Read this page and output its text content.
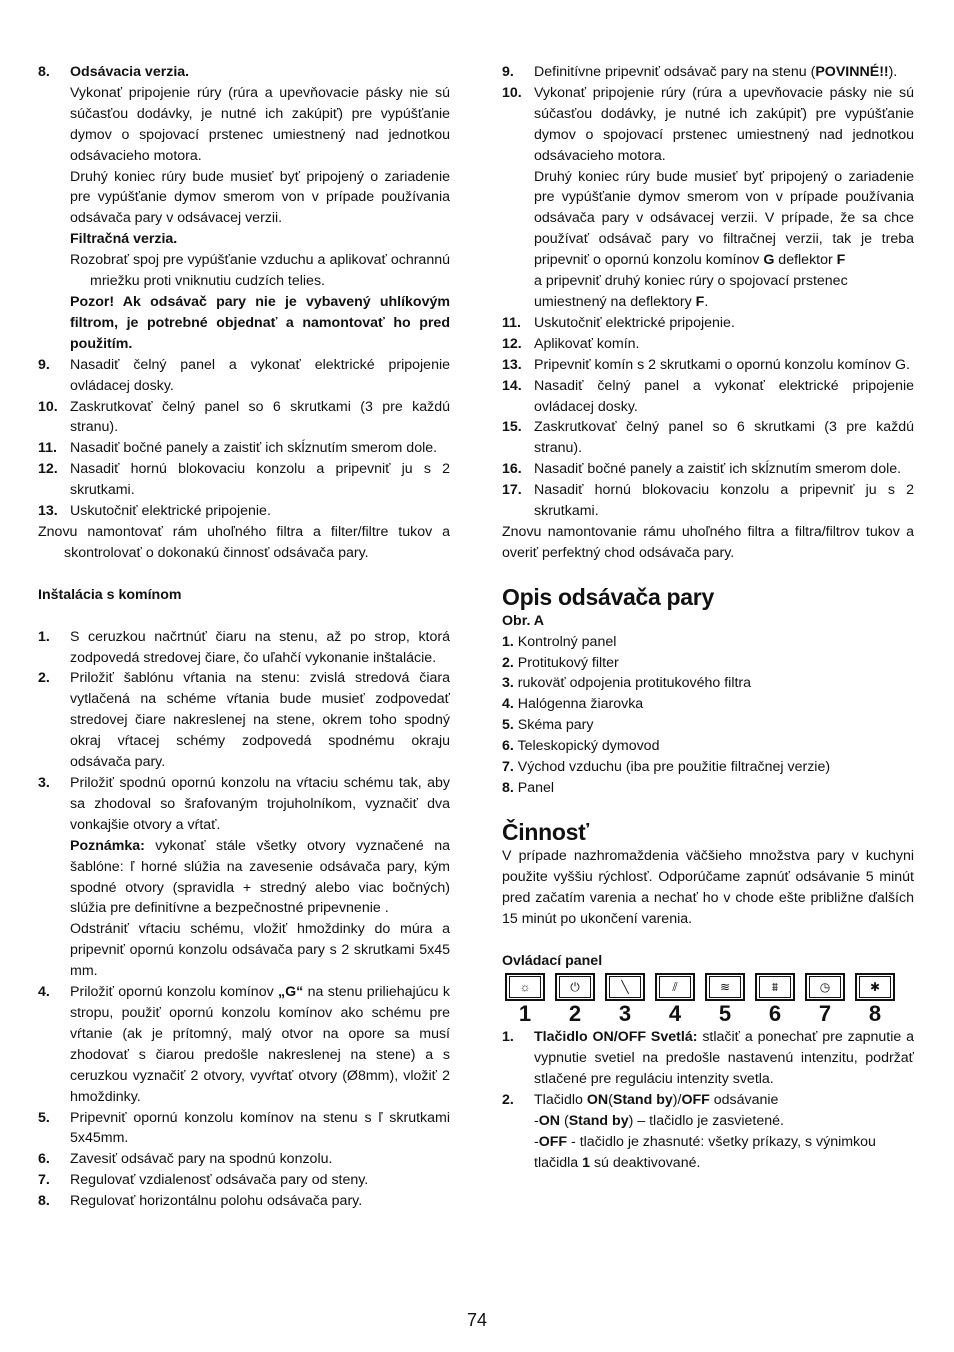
8.	Odsávacia verzia.

Vykonať pripojenie rúry (rúra a upevňovacie pásky nie sú súčasťou dodávky, je nutné ich zakúpiť) pre vypúšťanie dymov o spojovací prstenec umiestnený nad jednotkou odsávacieho motora.

Druhý koniec rúry bude musieť byť pripojený o zariadenie pre vypúšťanie dymov smerom von v prípade používania odsávača pary v odsávacej verzii.

Filtračná verzia.

Rozobrať spoj pre vypúšťanie vzduchu a aplikovať ochrannú mriežku proti vniknutiu cudzích telies.

Pozor! Ak odsávač pary nie je vybavený uhlíkovým filtrom, je potrebné objednať a namontovať ho pred použitím.

9.	Nasadiť čelný panel a vykonať elektrické pripojenie ovládacej dosky.
10. Zaskrutkovať čelný panel so 6 skrutkami (3 pre každú stranu).
11. Nasadiť bočné panely a zaistiť ich skĺznutím smerom dole.
12. Nasadiť hornú blokovaciu konzolu a pripevniť ju s 2 skrutkami.
13. Uskutočniť elektrické pripojenie.

Znovu namontovať rám uhoľného filtra a filter/filtre tukov a skontrolovať o dokonakú činnosť odsávača pary.

Inštalácia s komínom

1.	S ceruzkou načrtnúť čiaru na stenu, až po strop, ktorá zodpovedá stredovej čiare, čo uľahčí vykonanie inštalácie.
2.	Priložiť šablónu vŕtania na stenu: zvislá stredová čiara vytlačená na schéme vŕtania bude musieť zodpovedať stredovej čiare nakreslenej na stene, okrem toho spodný okraj vŕtacej schémy zodpovedá spodnému okraju odsávača pary.
3.	Priložiť spodnú opornú konzolu na vŕtaciu schému tak, aby sa zhodoval so šrafovaným trojuholníkom, vyznačiť dva vonkajšie otvory a vŕtať.

Poznámka: vykonať stále všetky otvory vyznačené na šablóne: ľ horné slúžia na zavesenie odsávača pary, kým spodné otvory (spravidla + stredný alebo viac bočných) slúžia pre definitívne a bezpečnostné pripevnenie .

Odstrániť vŕtaciu schému, vložiť hmoždinky do múra a pripevniť opornú konzolu odsávača pary s 2 skrutkami 5x45 mm.

4.	Priložiť opornú konzolu komínov „G“ na stenu priliehajúcu k stropu, použiť opornú konzolu komínov ako schému pre vŕtanie (ak je prítomný, malý otvor na opore sa musí zhodovať s čiarou predošle nakreslenej na stene) a s ceruzkou vyznačiť 2 otvory, vyvŕtať otvory (Ø8mm), vložiť 2 hmoždinky.
5.	Pripevniť opornú konzolu komínov na stenu s ľ skrutkami 5x45mm.
6.	Zavesiť odsávač pary na spodnú konzolu.
7.	Regulovať vzdialenosť odsávača pary od steny.
8.	Regulovať horizontálnu polohu odsávača pary.
9.	Definitívne pripevniť odsávač pary na stenu (POVINNÉ!!).
10. Vykonať pripojenie rúry (rúra a upevňovacie pásky nie sú súčasťou dodávky, je nutné ich zakúpiť) pre vypúšťanie dymov o spojovací prstenec umiestnený nad jednotkou odsávacieho motora.

Druhý koniec rúry bude musieť byť pripojený o zariadenie pre vypúšťanie dymov smerom von v prípade používania odsávača pary v odsávacej verzii. V prípade, že sa chce používať odsávač pary vo filtračnej verzii, tak je treba pripevniť o opornú konzolu komínov G deflektor F

a pripevniť druhý koniec rúry o spojovací prstenec umiestnený na deflektory F.

11. Uskutočniť elektrické pripojenie.
12. Aplikovať komín.
13. Pripevniť komín s 2 skrutkami o opornú konzolu komínov G.
14. Nasadiť čelný panel a vykonať elektrické pripojenie ovládacej dosky.
15. Zaskrutkovať čelný panel so 6 skrutkami (3 pre každú stranu).
16. Nasadiť bočné panely a zaistiť ich skĺznutím smerom dole.
17. Nasadiť hornú blokovaciu konzolu a pripevniť ju s 2 skrutkami.

Znovu namontovanie rámu uhoľného filtra a filtra/filtrov tukov a overiť perfektný chod odsávača pary.

Opis odsávača pary

Obr. A

1. Kontrolný panel

2. Protitukový filter

3. rukoväť odpojenia protitukového filtra

4. Halógenna žiarovka

5. Skéma pary

6. Teleskopický dymovod

7. Východ vzduchu (iba pre použitie filtračnej verzie)

8. Panel

Činnosť

V prípade nazhromaždenia väčšieho množstva pary v kuchyni použite vyššiu rýchlosť. Odporúčame zapnúť odsávanie 5 minút pred začatím varenia a nechať ho v chode ešte približne ďalších 15 minút po ukončení varenia.

Ovládací panel

☼
1
⏻
2
╲
3
⫽
4
≋
5
⩩
6
◷
7
✱
8
1.	Tlačidlo ON/OFF Svetlá: stlačiť a ponechať pre zapnutie a vypnutie svetiel na predošle nastavenú intenzitu, podržať stlačené pre reguláciu intenzity svetla.
2.	Tlačidlo ON(Stand by)/OFF odsávanie

-ON (Stand by) – tlačidlo je zasvietené.

-OFF - tlačidlo je zhasnuté: všetky príkazy, s výnimkou tlačidla 1 sú deaktivované.

74
